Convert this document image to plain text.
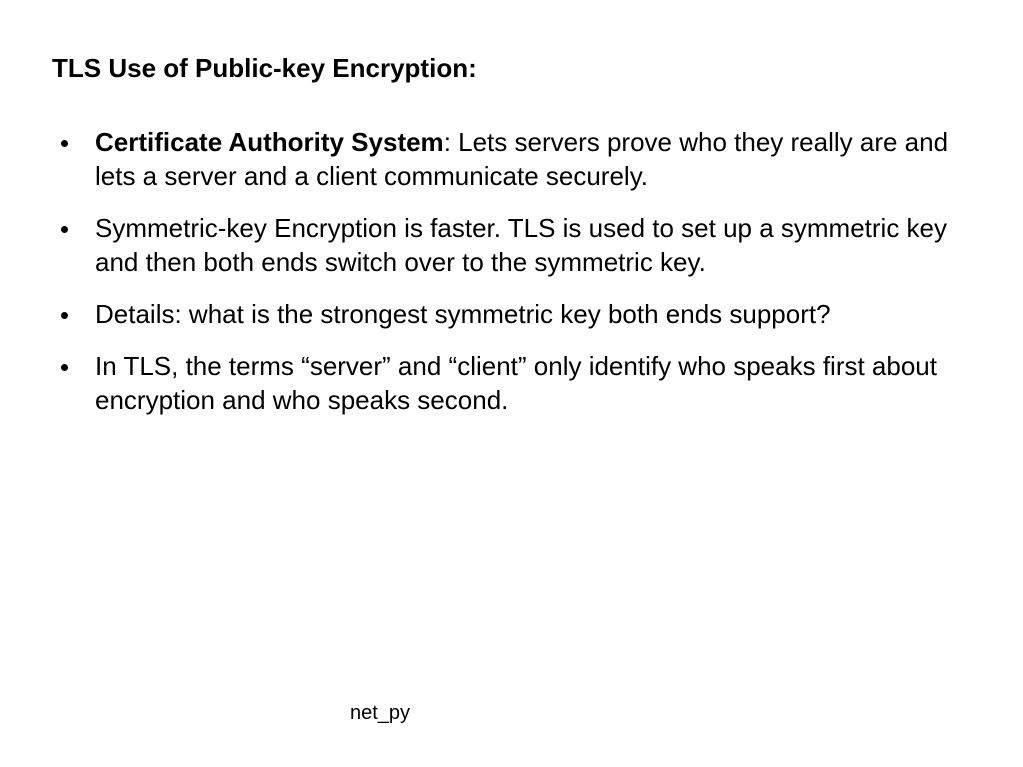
TLS Use of Public-key Encryption:
Certificate Authority System: Lets servers prove who they really are and lets a server and a client communicate securely.
Symmetric-key Encryption is faster. TLS is used to set up a symmetric key and then both ends switch over to the symmetric key.
Details: what is the strongest symmetric key both ends support?
In TLS, the terms “server” and “client” only identify who speaks first about encryption and who speaks second.
net_py
